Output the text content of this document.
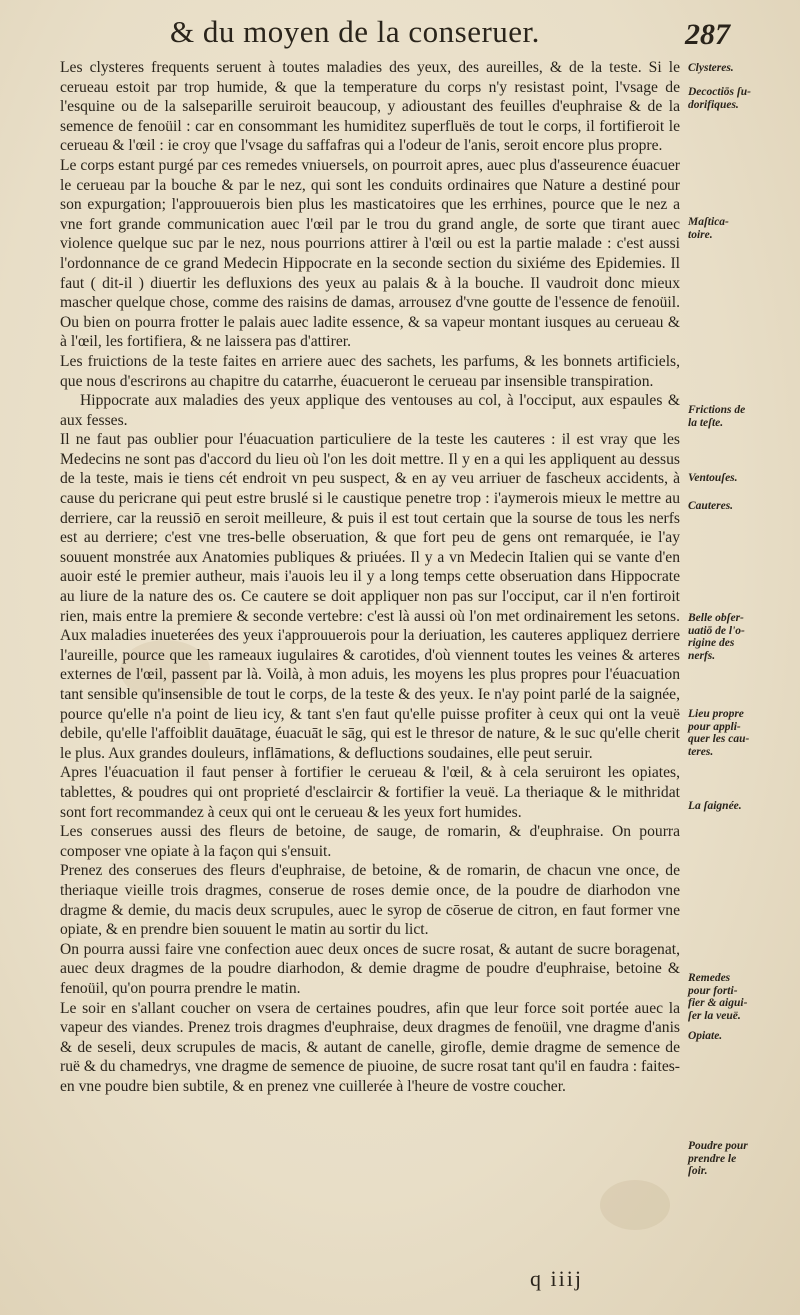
& du moyen de la conseruer.	287

Les clysteres frequents seruent à toutes maladies des yeux, des aureilles, & de la teste. Si le cerueau estoit par trop humide, & que la temperature du corps n'y resistast point, l'vsage de l'esquine ou de la salseparille seruiroit beaucoup, y adioustant des feuilles d'euphraise & de la semence de fenoüil : car en consommant les humiditez superfluës de tout le corps, il fortifieroit le cerueau & l'œil : ie croy que l'vsage du saffafras qui a l'odeur de l'anis, seroit encore plus propre.

Le corps estant purgé par ces remedes vniuersels, on pourroit apres, auec plus d'asseurence éuacuer le cerueau par la bouche & par le nez, qui sont les conduits ordinaires que Nature a destiné pour son expurgation; l'approuuerois bien plus les masticatoires que les errhines, pource que le nez a vne fort grande communication auec l'œil par le trou du grand angle, de sorte que tirant auec violence quelque suc par le nez, nous pourrions attirer à l'œil ou est la partie malade : c'est aussi l'ordonnance de ce grand Medecin Hippocrate en la seconde section du sixiéme des Epidemies. Il faut ( dit-il ) diuertir les defluxions des yeux au palais & à la bouche. Il vaudroit donc mieux mascher quelque chose, comme des raisins de damas, arrousez d'vne goutte de l'essence de fenoüil. Ou bien on pourra frotter le palais auec ladite essence, & sa vapeur montant iusques au cerueau & à l'œil, les fortifiera, & ne laissera pas d'attirer.

Les fruictions de la teste faites en arriere auec des sachets, les parfums, & les bonnets artificiels, que nous d'escrirons au chapitre du catarrhe, éuacueront le cerueau par insensible transpiration.

Hippocrate aux maladies des yeux applique des ventouses au col, à l'occiput, aux espaules & aux fesses.

Il ne faut pas oublier pour l'éuacuation particuliere de la teste les cauteres : il est vray que les Medecins ne sont pas d'accord du lieu où l'on les doit mettre. Il y en a qui les appliquent au dessus de la teste, mais ie tiens cét endroit vn peu suspect, & en ay veu arriuer de fascheux accidents, à cause du pericrane qui peut estre bruslé si le caustique penetre trop : i'aymerois mieux le mettre au derriere, car la reussiō en seroit meilleure, & puis il est tout certain que la sourse de tous les nerfs est au derriere; c'est vne tres-belle obseruation, & que fort peu de gens ont remarquée, ie l'ay souuent monstrée aux Anatomies publiques & priuées. Il y a vn Medecin Italien qui se vante d'en auoir esté le premier autheur, mais i'auois leu il y a long temps cette obseruation dans Hippocrate au liure de la nature des os. Ce cautere se doit appliquer non pas sur l'occiput, car il n'en fortiroit rien, mais entre la premiere & seconde vertebre: c'est là aussi où l'on met ordinairement les setons. Aux maladies inueterées des yeux i'approuuerois pour la deriuation, les cauteres appliquez derriere l'aureille, pource que les rameaux iugulaires & carotides, d'où viennent toutes les veines & arteres externes de l'œil, passent par là. Voilà, à mon aduis, les moyens les plus propres pour l'éuacuation tant sensible qu'insensible de tout le corps, de la teste & des yeux. Ie n'ay point parlé de la saignée, pource qu'elle n'a point de lieu icy, & tant s'en faut qu'elle puisse profiter à ceux qui ont la veuë debile, qu'elle l'affoiblit dauātage, éuacuāt le sāg, qui est le thresor de nature, & le suc qu'elle cherit le plus. Aux grandes douleurs, inflāmations, & defluctions soudaines, elle peut seruir.

Apres l'éuacuation il faut penser à fortifier le cerueau & l'œil, & à cela seruiront les opiates, tablettes, & poudres qui ont proprieté d'esclaircir & fortifier la veuë. La theriaque & le mithridat sont fort recommandez à ceux qui ont le cerueau & les yeux fort humides.

Les conserues aussi des fleurs de betoine, de sauge, de romarin, & d'euphraise. On pourra composer vne opiate à la façon qui s'ensuit.

Prenez des conserues des fleurs d'euphraise, de betoine, & de romarin, de chacun vne once, de theriaque vieille trois dragmes, conserue de roses demie once, de la poudre de diarhodon vne dragme & demie, du macis deux scrupules, auec le syrop de cōserue de citron, en faut former vne opiate, & en prendre bien souuent le matin au sortir du lict.

On pourra aussi faire vne confection auec deux onces de sucre rosat, & autant de sucre boragenat, auec deux dragmes de la poudre diarhodon, & demie dragme de poudre d'euphraise, betoine & fenoüil, qu'on pourra prendre le matin.

Le soir en s'allant coucher on vsera de certaines poudres, afin que leur force soit portée auec la vapeur des viandes. Prenez trois dragmes d'euphraise, deux dragmes de fenoüil, vne dragme d'anis & de seseli, deux scrupules de macis, & autant de canelle, girofle, demie dragme de semence de ruë & du chamedrys, vne dragme de semence de piuoine, de sucre rosat tant qu'il en faudra : faites-en vne poudre bien subtile, & en prenez vne cuillerée à l'heure de vostre coucher.

Clysteres.
Decoctiōs ſu-
dorifiques.
Maſtica-
toire.
Frictions de
la teſte.
Ventouſes.
Cauteres.
Belle obſer-
uatiō de l'o-
rigine des
nerfs.
Lieu propre
pour appli-
quer les cau-
teres.
La ſaignée.
Remedes
pour forti-
fier & aigui-
ſer la veuë.
Opiate.
Poudre pour
prendre le
ſoir.
q iiij
